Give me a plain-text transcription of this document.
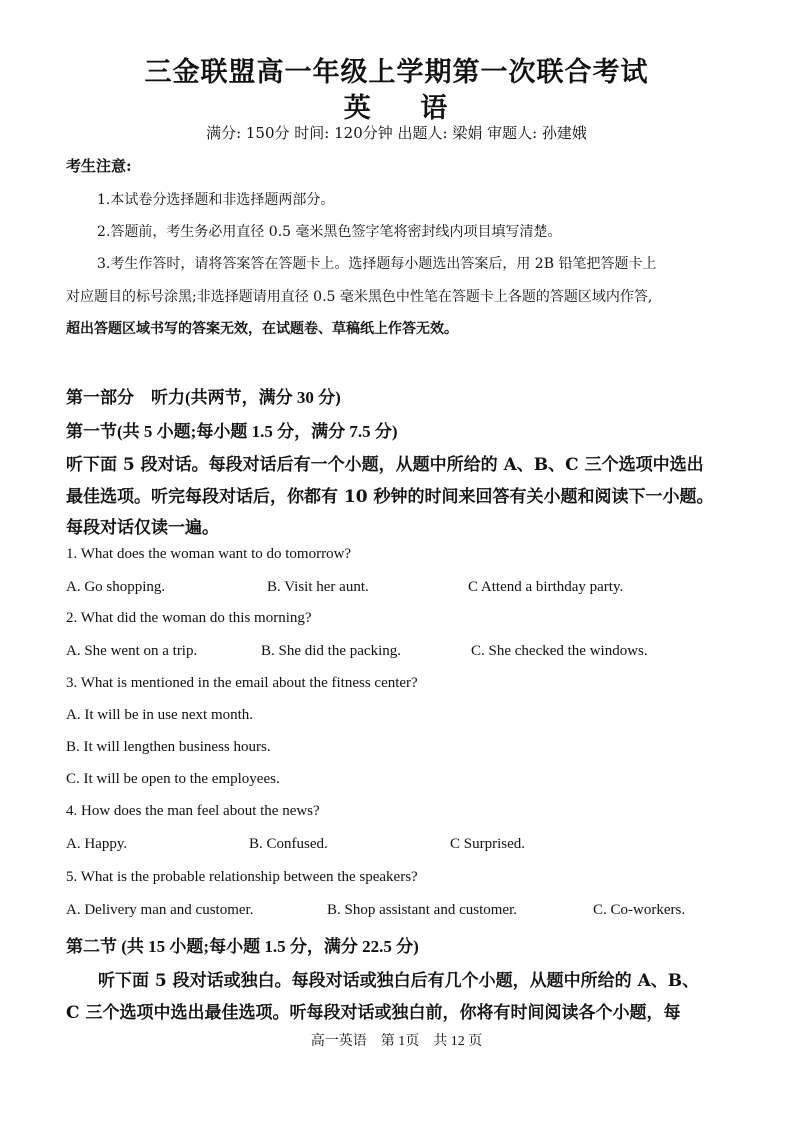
三金联盟高一年级上学期第一次联合考试
英 语
满分: 150分 时间: 120分钟 出题人: 梁娟 审题人: 孙建娥
考生注意:
1.本试卷分选择题和非选择题两部分。
2.答题前，考生务必用直径 0.5 毫米黑色签字笔将密封线内项目填写清楚。
3.考生作答时，请将答案答在答题卡上。选择题每小题选出答案后，用 2B 铅笔把答题卡上
对应题目的标号涂黑;非选择题请用直径 0.5 毫米黑色中性笔在答题卡上各题的答题区域内作答,
超出答题区域书写的答案无效，在试题卷、草稿纸上作答无效。
第一部分　听力(共两节，满分 30 分)
第一节(共 5 小题;每小题 1.5 分，满分 7.5 分)
听下面 5 段对话。每段对话后有一个小题，从题中所给的 A、B、C 三个选项中选出
最佳选项。听完每段对话后，你都有 10 秒钟的时间来回答有关小题和阅读下一小题。
每段对话仅读一遍。
1. What does the woman want to do tomorrow?
A. Go shopping.	B. Visit her aunt.	C Attend a birthday party.
2. What did the woman do this morning?
A. She went on a trip.	B. She did the packing.	C. She checked the windows.
3. What is mentioned in the email about the fitness center?
A. It will be in use next month.
B. It will lengthen business hours.
C. It will be open to the employees.
4. How does the man feel about the news?
A. Happy.	B. Confused.	C Surprised.
5. What is the probable relationship between the speakers?
A. Delivery man and customer.	B. Shop assistant and customer.	C. Co-workers.
第二节 (共 15 小题;每小题 1.5 分，满分 22.5 分)
听下面 5 段对话或独白。每段对话或独白后有几个小题，从题中所给的 A、B、
C 三个选项中选出最佳选项。听每段对话或独白前，你将有时间阅读各个小题，每
高一英语　第 1页　共 12 页
